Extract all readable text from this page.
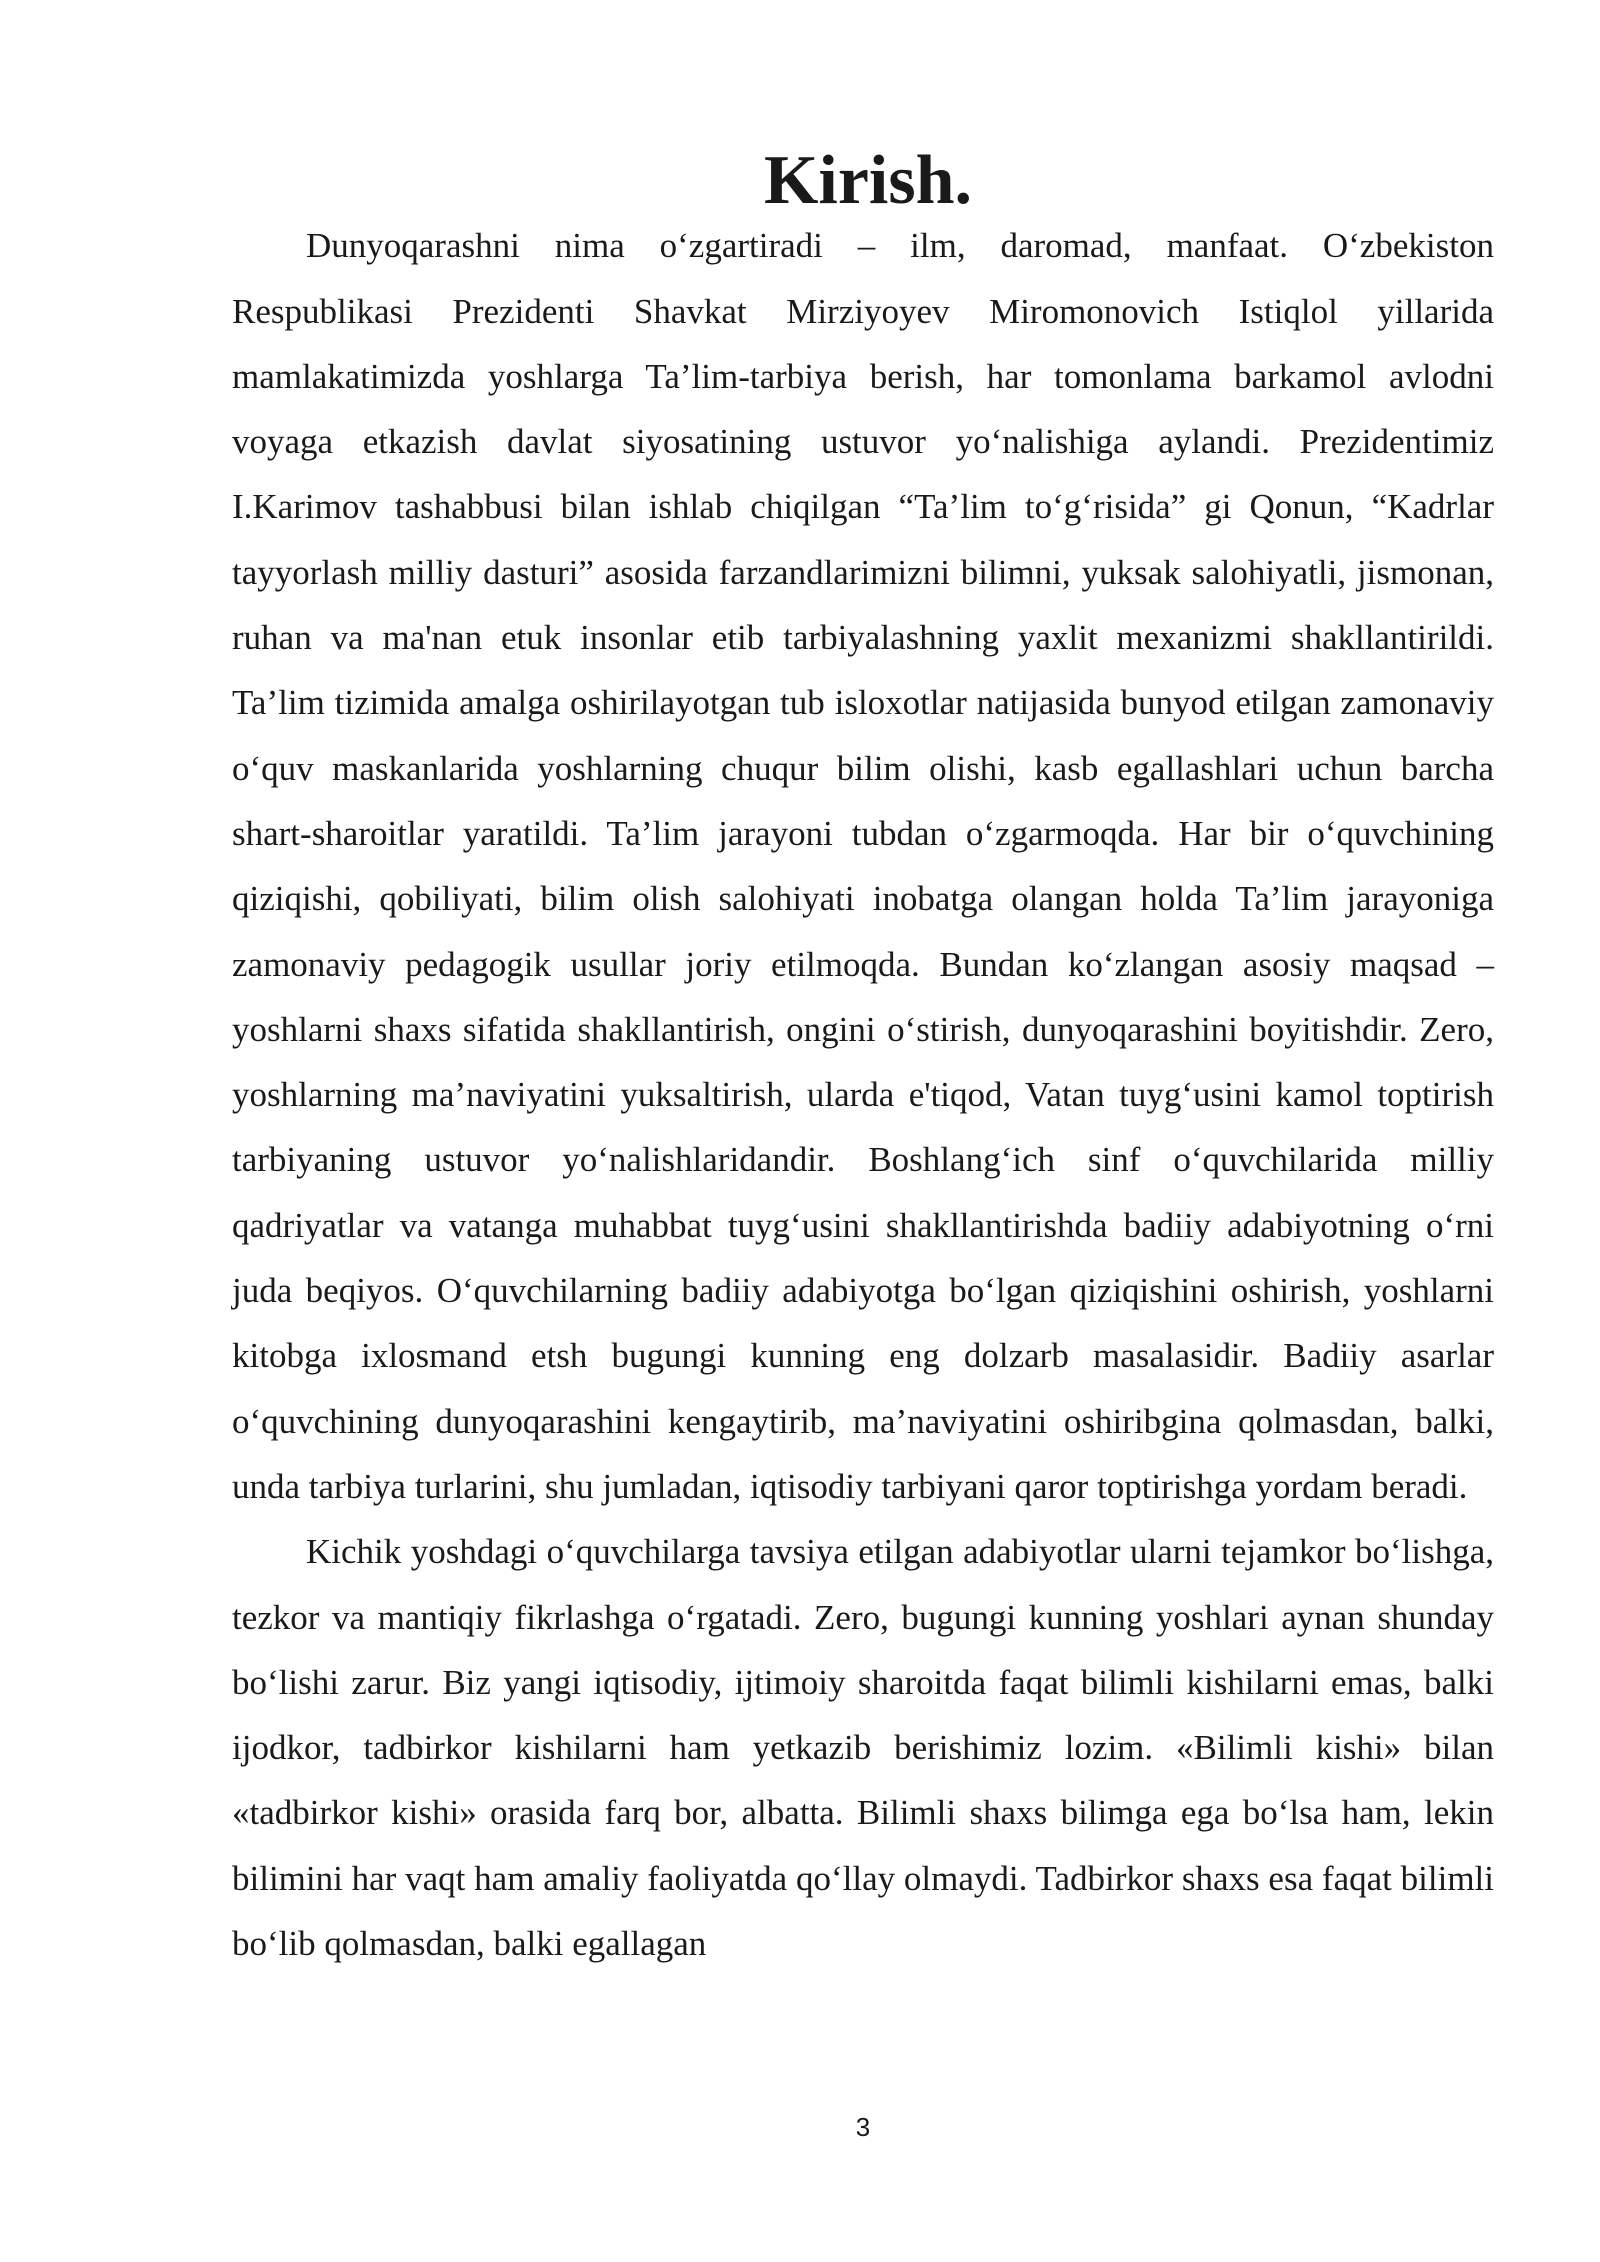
Kirish.

Dunyoqarashni nima o‘zgartiradi – ilm, daromad, manfaat. O‘zbekiston Respublikasi Prezidenti Shavkat Mirziyoyev Miromonovich Istiqlol yillarida mamlakatimizda yoshlarga Ta’lim-tarbiya berish, har tomonlama barkamol avlodni voyaga etkazish davlat siyosatining ustuvor yo‘nalishiga aylandi. Prezidentimiz I.Karimov tashabbusi bilan ishlab chiqilgan “Ta’lim to‘g‘risida” gi Qonun, “Kadrlar tayyorlash milliy dasturi” asosida farzandlarimizni bilimni, yuksak salohiyatli, jismonan, ruhan va ma'nan etuk insonlar etib tarbiyalashning yaxlit mexanizmi shakllantirildi. Ta’lim tizimida amalga oshirilayotgan tub isloxotlar natijasida bunyod etilgan zamonaviy o‘quv maskanlarida yoshlarning chuqur bilim olishi, kasb egallashlari uchun barcha shart-sharoitlar yaratildi. Ta’lim jarayoni tubdan o‘zgarmoqda. Har bir o‘quvchining qiziqishi, qobiliyati, bilim olish salohiyati inobatga olangan holda Ta’lim jarayoniga zamonaviy pedagogik usullar joriy etilmoqda. Bundan ko‘zlangan asosiy maqsad – yoshlarni shaxs sifatida shakllantirish, ongini o‘stirish, dunyoqarashini boyitishdir. Zero, yoshlarning ma’naviyatini yuksaltirish, ularda e'tiqod, Vatan tuyg‘usini kamol toptirish tarbiyaning ustuvor yo‘nalishlaridandir. Boshlang‘ich sinf o‘quvchilarida milliy qadriyatlar va vatanga muhabbat tuyg‘usini shakllantirishda badiiy adabiyotning o‘rni juda beqiyos. O‘quvchilarning badiiy adabiyotga bo‘lgan qiziqishini oshirish, yoshlarni kitobga ixlosmand etsh bugungi kunning eng dolzarb masalasidir. Badiiy asarlar o‘quvchining dunyoqarashini kengaytirib, ma’naviyatini oshiribgina qolmasdan, balki, unda tarbiya turlarini, shu jumladan, iqtisodiy tarbiyani qaror toptirishga yordam beradi.

Kichik yoshdagi o‘quvchilarga tavsiya etilgan adabiyotlar ularni tejamkor bo‘lishga, tezkor va mantiqiy fikrlashga o‘rgatadi. Zero, bugungi kunning yoshlari aynan shunday bo‘lishi zarur. Biz yangi iqtisodiy, ijtimoiy sharoitda faqat bilimli kishilarni emas, balki ijodkor, tadbirkor kishilarni ham yetkazib berishimiz lozim. «Bilimli kishi» bilan «tadbirkor kishi» orasida farq bor, albatta. Bilimli shaxs bilimga ega bo‘lsa ham, lekin bilimini har vaqt ham amaliy faoliyatda qo‘llay olmaydi. Tadbirkor shaxs esa faqat bilimli bo‘lib qolmasdan, balki egallagan

3
